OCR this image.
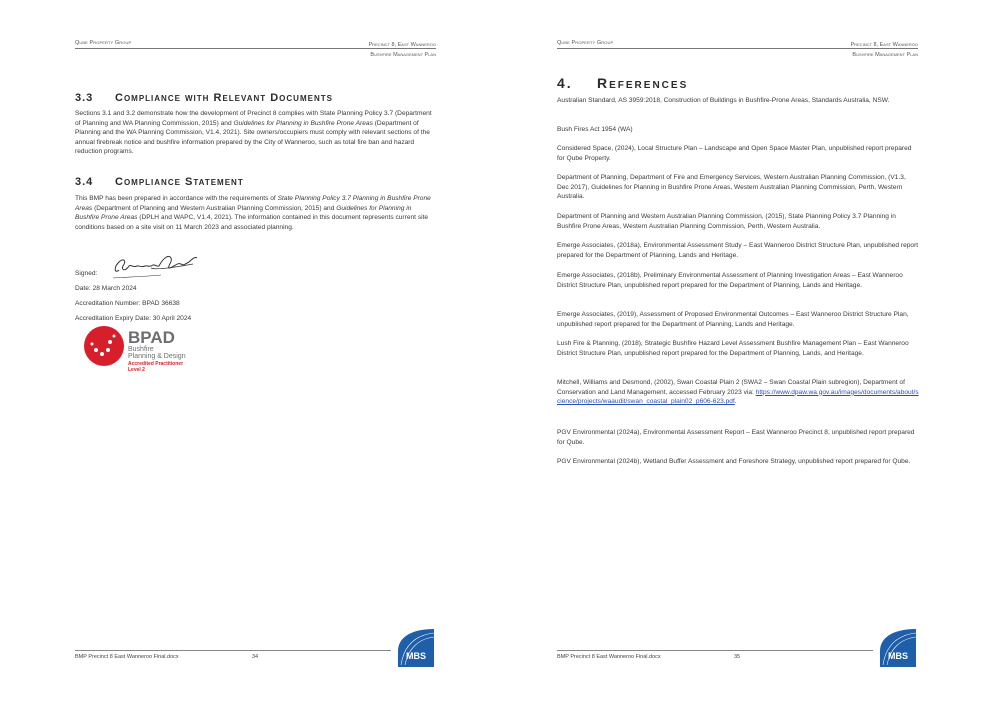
Qube Property Group	Precinct 8, East Wanneroo
Bushfire Management Plan
3.3 Compliance with Relevant Documents

Sections 3.1 and 3.2 demonstrate how the development of Precinct 8 complies with State Planning Policy 3.7 (Department of Planning and WA Planning Commission, 2015) and Guidelines for Planning in Bushfire Prone Areas (Department of Planning and the WA Planning Commission, V1.4, 2021). Site owners/occupiers must comply with relevant sections of the annual firebreak notice and bushfire information prepared by the City of Wanneroo, such as total fire ban and hazard reduction programs.

3.4 Compliance Statement

This BMP has been prepared in accordance with the requirements of State Planning Policy 3.7 Planning in Bushfire Prone Areas (Department of Planning and Western Australian Planning Commission, 2015) and Guidelines for Planning in Bushfire Prone Areas (DPLH and WAPC, V1.4, 2021). The information contained in this document represents current site conditions based on a site visit on 11 March 2023 and associated planning.

Signed:
Date: 28 March 2024
Accreditation Number: BPAD 36638
Accreditation Expiry Date: 30 April 2024
BPAD
Bushfire
Planning & Design
Accredited Practitioner
Level 2
BMP Precinct 8 East Wanneroo Final.docx	34	MBS
Qube Property Group	Precinct 8, East Wanneroo
Bushfire Management Plan
4. References

Australian Standard, AS 3959:2018, Construction of Buildings in Bushfire-Prone Areas, Standards Australia, NSW.

Bush Fires Act 1954 (WA)

Considered Space, (2024), Local Structure Plan – Landscape and Open Space Master Plan, unpublished report prepared for Qube Property.

Department of Planning, Department of Fire and Emergency Services, Western Australian Planning Commission, (V1.3, Dec 2017), Guidelines for Planning in Bushfire Prone Areas, Western Australian Planning Commission, Perth, Western Australia.

Department of Planning and Western Australian Planning Commission, (2015), State Planning Policy 3.7 Planning in Bushfire Prone Areas, Western Australian Planning Commission, Perth, Western Australia.

Emerge Associates, (2018a), Environmental Assessment Study – East Wanneroo District Structure Plan, unpublished report prepared for the Department of Planning, Lands and Heritage.

Emerge Associates, (2018b), Preliminary Environmental Assessment of Planning Investigation Areas – East Wanneroo District Structure Plan, unpublished report prepared for the Department of Planning, Lands and Heritage.

Emerge Associates, (2019), Assessment of Proposed Environmental Outcomes – East Wanneroo District Structure Plan, unpublished report prepared for the Department of Planning, Lands and Heritage.

Lush Fire & Planning, (2018), Strategic Bushfire Hazard Level Assessment Bushfire Management Plan – East Wanneroo District Structure Plan, unpublished report prepared for the Department of Planning, Lands, and Heritage.

Mitchell, Williams and Desmond, (2002), Swan Coastal Plain 2 (SWA2 – Swan Coastal Plain subregion), Department of Conservation and Land Management, accessed February 2023 via: https://www.dpaw.wa.gov.au/images/documents/about/science/projects/waaudit/swan_coastal_plain02_p606-623.pdf.

PGV Environmental (2024a), Environmental Assessment Report – East Wanneroo Precinct 8, unpublished report prepared for Qube.

PGV Environmental (2024b), Wetland Buffer Assessment and Foreshore Strategy, unpublished report prepared for Qube.

BMP Precinct 8 East Wanneroo Final.docx	35	MBS
